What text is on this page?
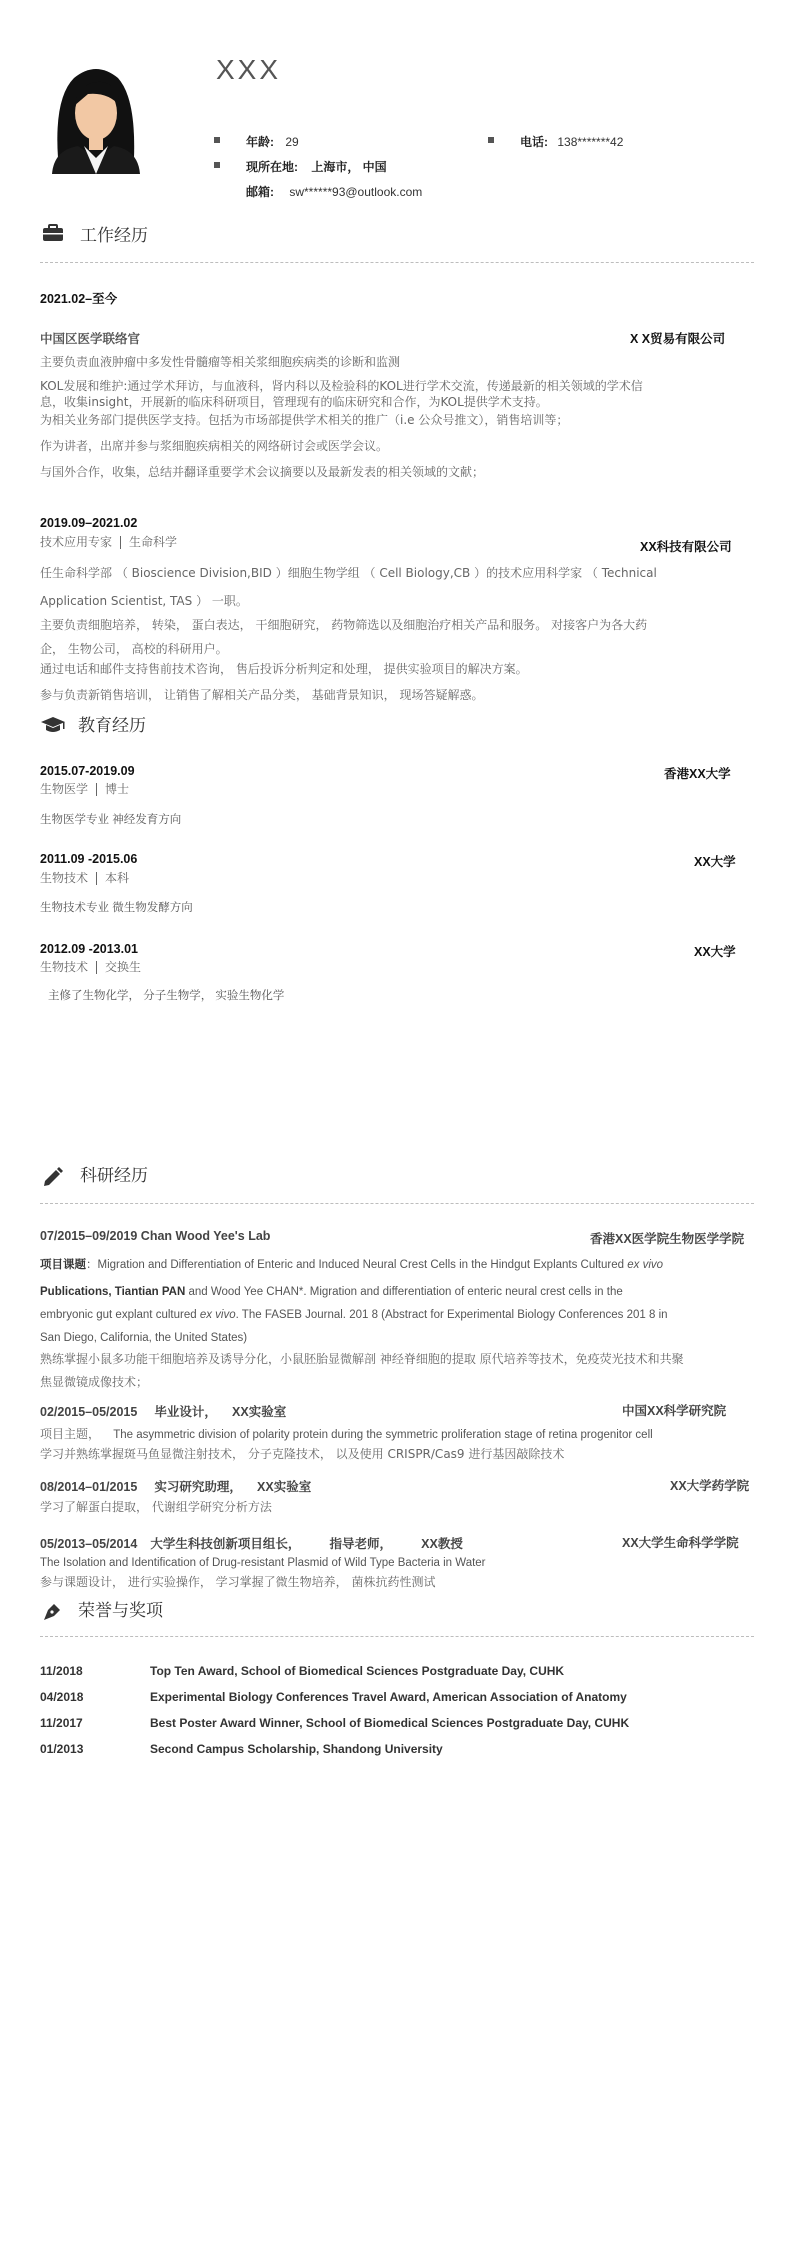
XXX
年龄: 29	电话: 138*******42
现所在地: 上海市， 中国
邮箱: sw******93@outlook.com
工作经历
2021.02–至今
中国区医学联络官	X X贸易有限公司
主要负责血液肿瘤中多发性骨髓瘤等相关浆细胞疾病类的诊断和监测
KOL发展和维护:通过学术拜访，与血液科，肾内科以及检验科的KOL进行学术交流，传递最新的相关领域的学术信
息，收集insight，开展新的临床科研项目，管理现有的临床研究和合作，为KOL提供学术支持。
为相关业务部门提供医学支持。包括为市场部提供学术相关的推广（i.e 公众号推文），销售培训等；
作为讲者，出席并参与浆细胞疾病相关的网络研讨会或医学会议。
与国外合作，收集，总结并翻译重要学术会议摘要以及最新发表的相关领域的文献；
2019.09–2021.02
技术应用专家 生命科学	XX科技有限公司
任生命科学部 （ Bioscience Division,BID ）细胞生物学组 （ Cell Biology,CB ）的技术应用科学家 （ Technical
Application Scientist, TAS ） 一职。
主要负责细胞培养， 转染， 蛋白表达， 干细胞研究， 药物筛选以及细胞治疗相关产品和服务。 对接客户为各大药
企， 生物公司， 高校的科研用户。
通过电话和邮件支持售前技术咨询， 售后投诉分析判定和处理， 提供实验项目的解决方案。
参与负责新销售培训， 让销售了解相关产品分类， 基础背景知识， 现场答疑解惑。
教育经历
2015.07-2019.09	香港XX大学
生物医学 博士
生物医学专业 神经发育方向
2011.09 -2015.06	XX大学
生物技术 本科
生物技术专业 微生物发酵方向
2012.09 -2013.01	XX大学
生物技术 交换生
主修了生物化学， 分子生物学， 实验生物化学
科研经历
07/2015–09/2019 Chan Wood Yee's Lab	香港XX医学院生物医学学院
项目课题：Migration and Differentiation of Enteric and Induced Neural Crest Cells in the Hindgut Explants Cultured ex vivo
Publications, Tiantian PAN and Wood Yee CHAN*. Migration and differentiation of enteric neural crest cells in the
embryonic gut explant cultured ex vivo. The FASEB Journal. 201 8 (Abstract for Experimental Biology Conferences 201 8 in
San Diego, California, the United States)
熟练掌握小鼠多功能干细胞培养及诱导分化，小鼠胚胎显微解剖 神经脊细胞的提取 原代培养等技术，免疫荧光技术和共聚
焦显微镜成像技术；
02/2015–05/2015 毕业设计， XX实验室	中国XX科学研究院
项目主题， The asymmetric division of polarity protein during the symmetric proliferation stage of retina progenitor cell
学习并熟练掌握斑马鱼显微注射技术， 分子克隆技术， 以及使用 CRISPR/Cas9 进行基因敲除技术
08/2014–01/2015 实习研究助理， XX实验室	XX大学药学院
学习了解蛋白提取， 代谢组学研究分析方法
05/2013–05/2014 大学生科技创新项目组长， 指导老师， XX教授	XX大学生命科学学院
The Isolation and Identification of Drug-resistant Plasmid of Wild Type Bacteria in Water
参与课题设计， 进行实验操作， 学习掌握了微生物培养， 菌株抗药性测试
荣誉与奖项
11/2018	Top Ten Award, School of Biomedical Sciences Postgraduate Day, CUHK
04/2018	Experimental Biology Conferences Travel Award, American Association of Anatomy
11/2017	Best Poster Award Winner, School of Biomedical Sciences Postgraduate Day, CUHK
01/2013	Second Campus Scholarship, Shandong University
